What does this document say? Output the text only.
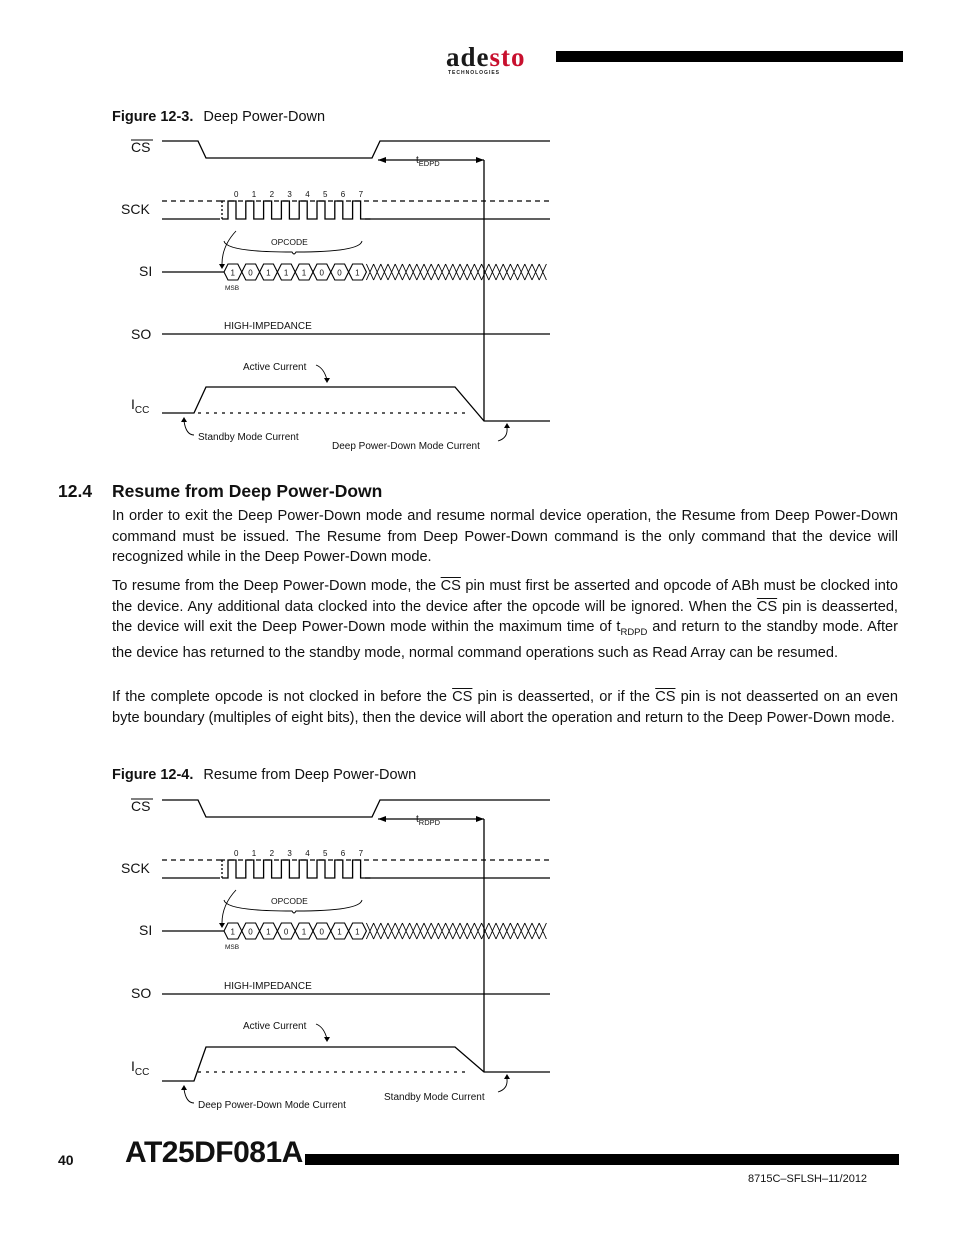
adesto
TECHNOLOGIES
Figure 12-3. Deep Power-Down
1 0 1 1 1 0 0 1
CS
SCK
SI
SO
$I_{CC}$
$t_{EDPD}$
0 1 2 3 4 5 6 7
OPCODE
MSB
HIGH-IMPEDANCE
Active Current
Standby Mode Current
Deep Power-Down Mode Current
12.4 Resume from Deep Power-Down
In order to exit the Deep Power-Down mode and resume normal device operation, the Resume from Deep Power-Down command must be issued. The Resume from Deep Power-Down command is the only command that the device will recognized while in the Deep Power-Down mode.
To resume from the Deep Power-Down mode, the $\overline{CS}$ pin must first be asserted and opcode of ABh must be clocked into the device. Any additional data clocked into the device after the opcode will be ignored. When the $\overline{CS}$ pin is deasserted, the device will exit the Deep Power-Down mode within the maximum time of $t_{RDPD}$ and return to the standby mode. After the device has returned to the standby mode, normal command operations such as Read Array can be resumed.
If the complete opcode is not clocked in before the $\overline{CS}$ pin is deasserted, or if the $\overline{CS}$ pin is not deasserted on an even byte boundary (multiples of eight bits), then the device will abort the operation and return to the Deep Power-Down mode.
Figure 12-4. Resume from Deep Power-Down
1 0 1 0 1 0 1 1
CS
SCK
SI
SO
$I_{CC}$
$t_{RDPD}$
0 1 2 3 4 5 6 7
OPCODE
MSB
HIGH-IMPEDANCE
Active Current
Deep Power-Down Mode Current
Standby Mode Current
40 AT25DF081A
8715C–SFLSH–11/2012
